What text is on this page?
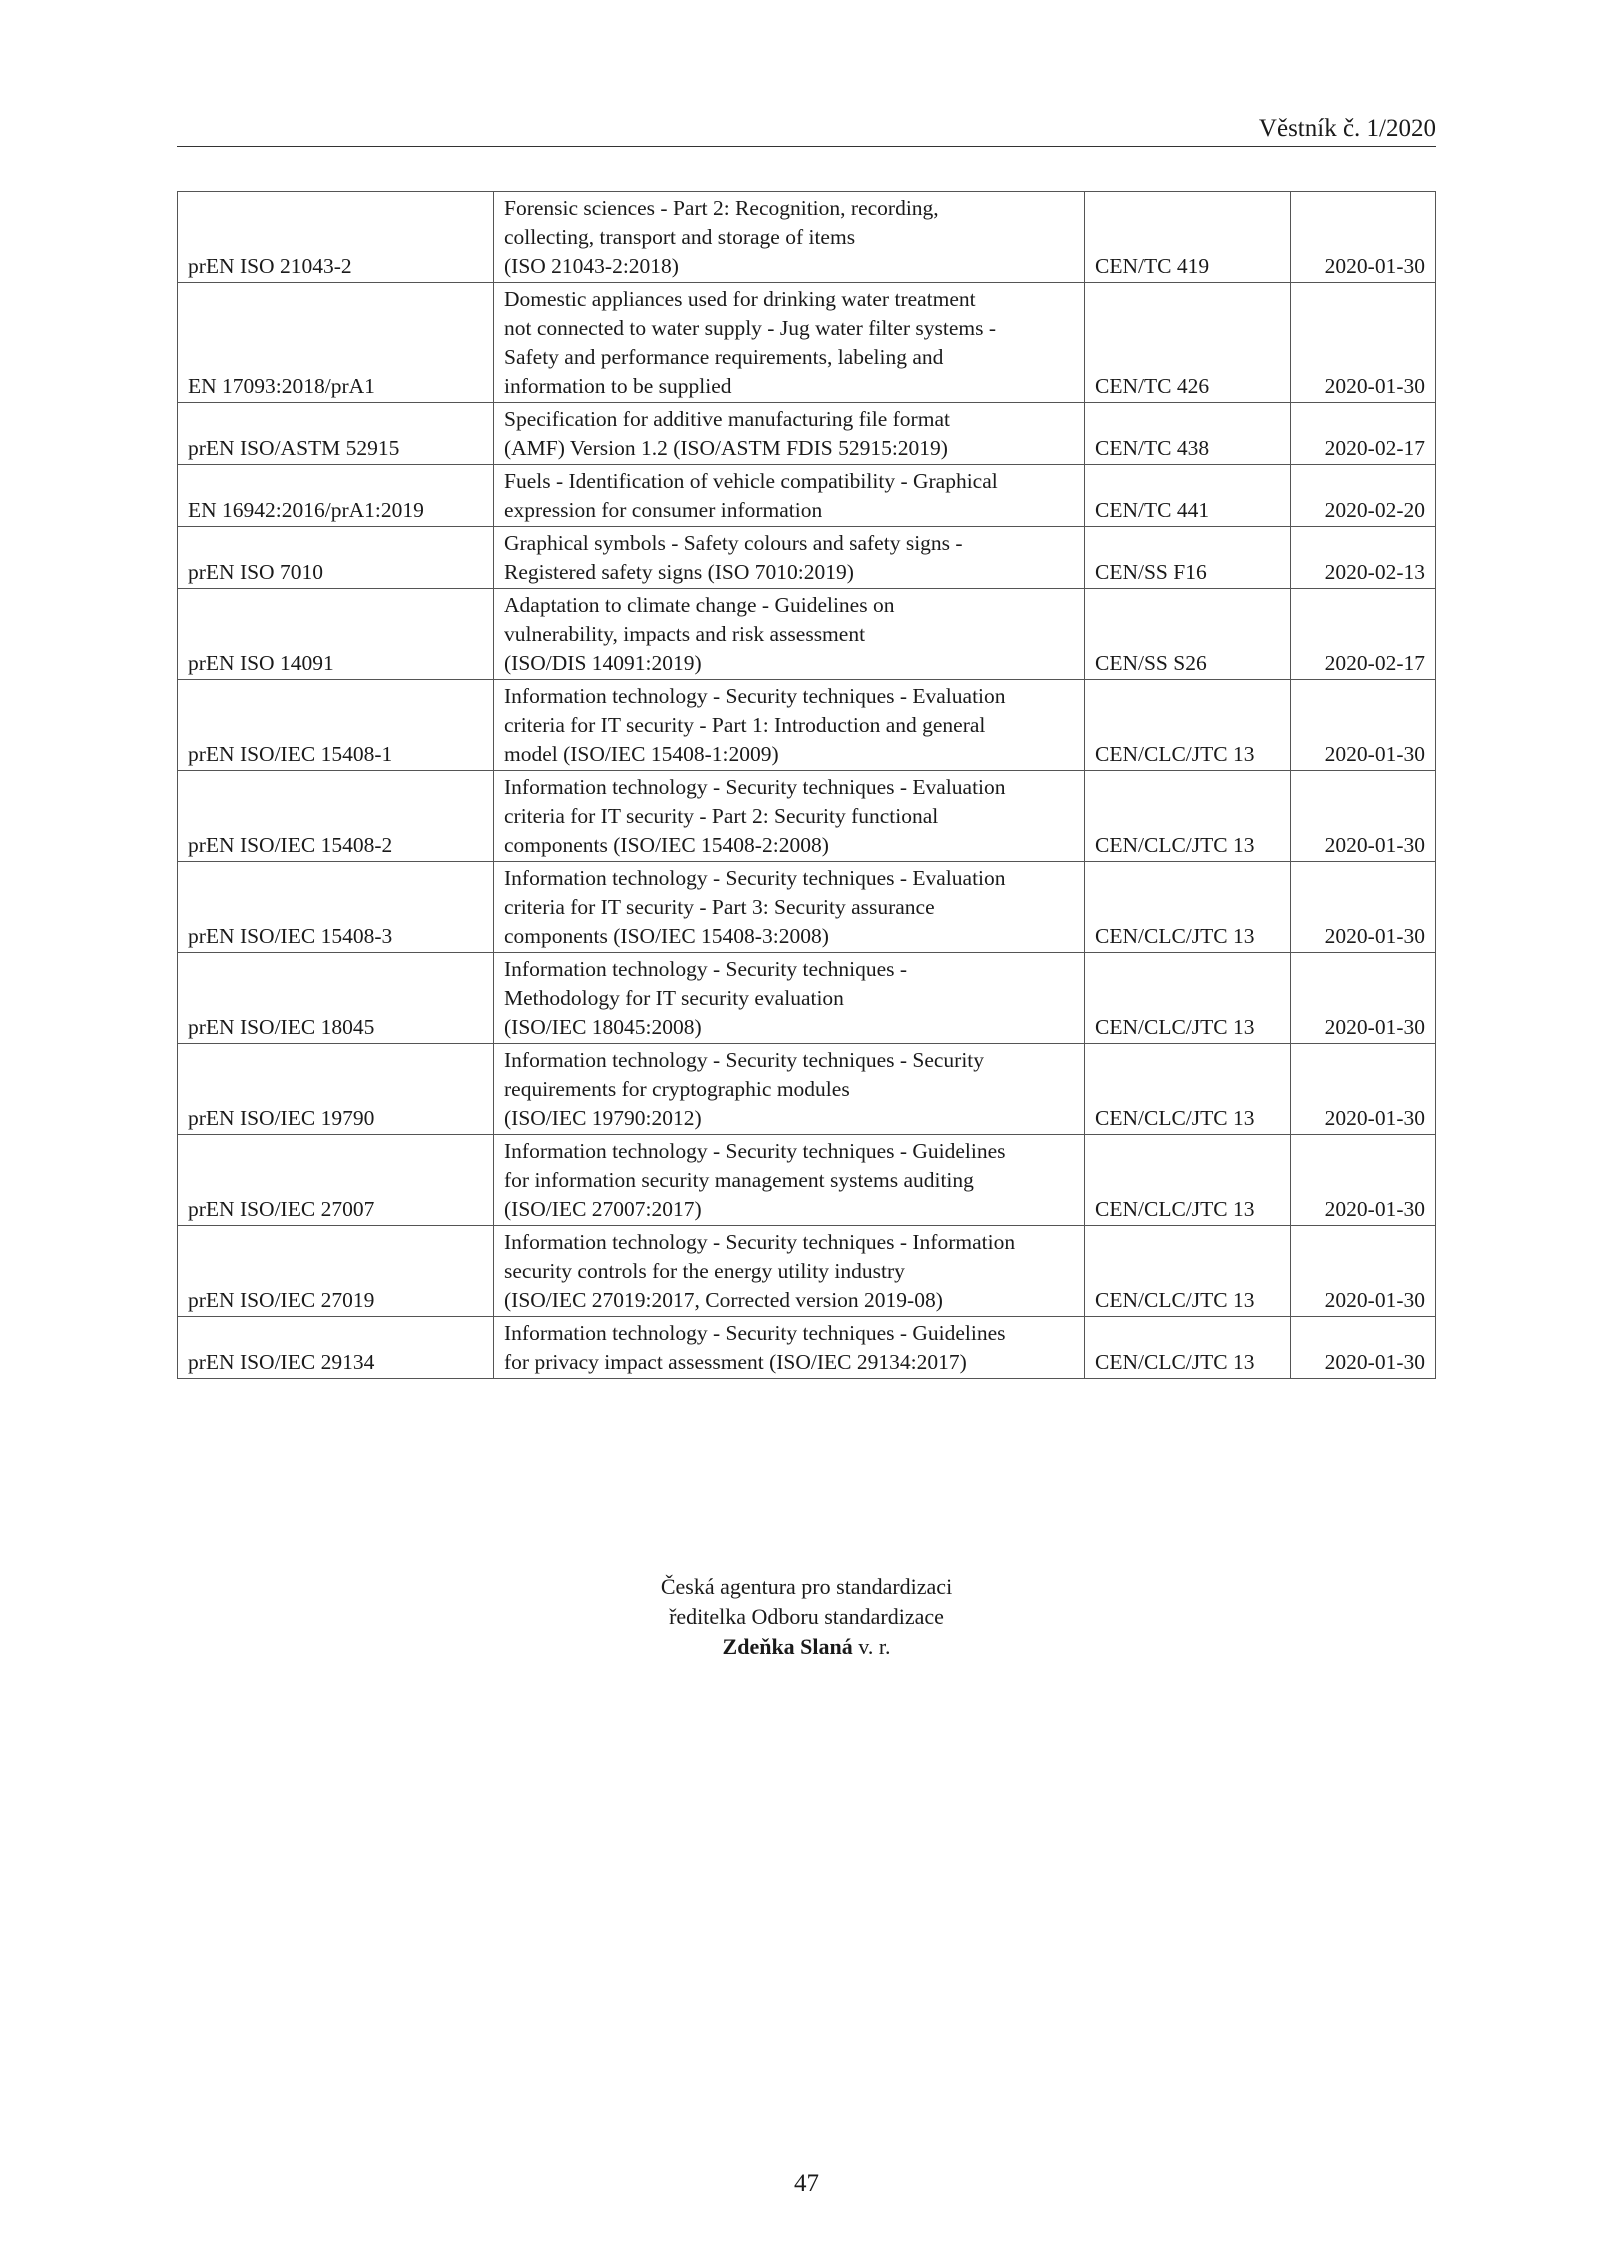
Věstník č. 1/2020
prEN ISO 21043-2	Forensic sciences - Part 2: Recognition, recording,
collecting, transport and storage of items
(ISO 21043-2:2018)	CEN/TC 419	2020-01-30
EN 17093:2018/prA1	Domestic appliances used for drinking water treatment
not connected to water supply - Jug water filter systems -
Safety and performance requirements, labeling and
information to be supplied	CEN/TC 426	2020-01-30
prEN ISO/ASTM 52915	Specification for additive manufacturing file format
(AMF) Version 1.2 (ISO/ASTM FDIS 52915:2019)	CEN/TC 438	2020-02-17
EN 16942:2016/prA1:2019	Fuels - Identification of vehicle compatibility - Graphical
expression for consumer information	CEN/TC 441	2020-02-20
prEN ISO 7010	Graphical symbols - Safety colours and safety signs -
Registered safety signs (ISO 7010:2019)	CEN/SS F16	2020-02-13
prEN ISO 14091	Adaptation to climate change - Guidelines on
vulnerability, impacts and risk assessment
(ISO/DIS 14091:2019)	CEN/SS S26	2020-02-17
prEN ISO/IEC 15408-1	Information technology - Security techniques - Evaluation
criteria for IT security - Part 1: Introduction and general
model (ISO/IEC 15408-1:2009)	CEN/CLC/JTC 13	2020-01-30
prEN ISO/IEC 15408-2	Information technology - Security techniques - Evaluation
criteria for IT security - Part 2: Security functional
components (ISO/IEC 15408-2:2008)	CEN/CLC/JTC 13	2020-01-30
prEN ISO/IEC 15408-3	Information technology - Security techniques - Evaluation
criteria for IT security - Part 3: Security assurance
components (ISO/IEC 15408-3:2008)	CEN/CLC/JTC 13	2020-01-30
prEN ISO/IEC 18045	Information technology - Security techniques -
Methodology for IT security evaluation
(ISO/IEC 18045:2008)	CEN/CLC/JTC 13	2020-01-30
prEN ISO/IEC 19790	Information technology - Security techniques - Security
requirements for cryptographic modules
(ISO/IEC 19790:2012)	CEN/CLC/JTC 13	2020-01-30
prEN ISO/IEC 27007	Information technology - Security techniques - Guidelines
for information security management systems auditing
(ISO/IEC 27007:2017)	CEN/CLC/JTC 13	2020-01-30
prEN ISO/IEC 27019	Information technology - Security techniques - Information
security controls for the energy utility industry
(ISO/IEC 27019:2017, Corrected version 2019-08)	CEN/CLC/JTC 13	2020-01-30
prEN ISO/IEC 29134	Information technology - Security techniques - Guidelines
for privacy impact assessment (ISO/IEC 29134:2017)	CEN/CLC/JTC 13	2020-01-30
Česká agentura pro standardizaci
ředitelka Odboru standardizace
Zdeňka Slaná v. r.
47
